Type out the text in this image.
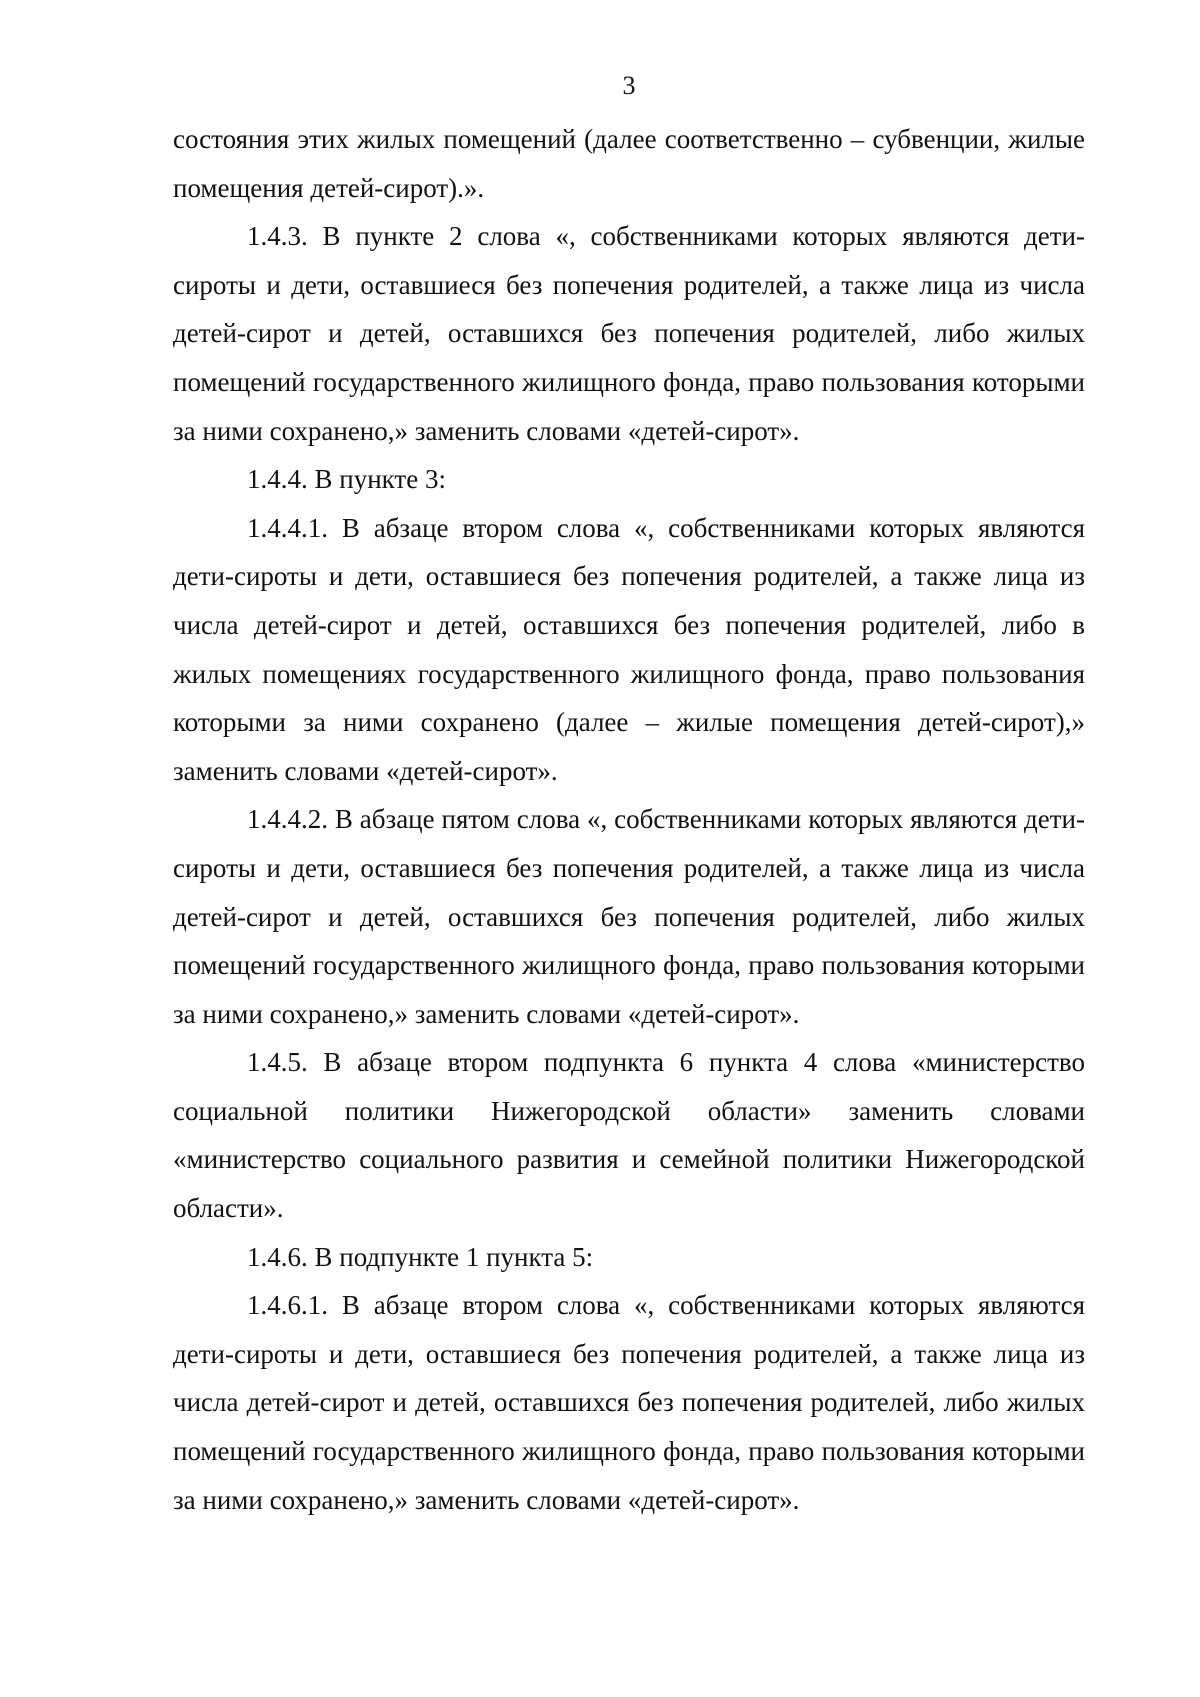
3

состояния этих жилых помещений (далее соответственно – субвенции, жилые помещения детей-сирот).».

1.4.3. В пункте 2 слова «, собственниками которых являются дети-сироты и дети, оставшиеся без попечения родителей, а также лица из числа детей-сирот и детей, оставшихся без попечения родителей, либо жилых помещений государственного жилищного фонда, право пользования которыми за ними сохранено,» заменить словами «детей-сирот».

1.4.4. В пункте 3:

1.4.4.1. В абзаце втором слова «, собственниками которых являются дети-сироты и дети, оставшиеся без попечения родителей, а также лица из числа детей-сирот и детей, оставшихся без попечения родителей, либо в жилых помещениях государственного жилищного фонда, право пользования которыми за ними сохранено (далее – жилые помещения детей-сирот),» заменить словами «детей-сирот».

1.4.4.2. В абзаце пятом слова «, собственниками которых являются дети-сироты и дети, оставшиеся без попечения родителей, а также лица из числа детей-сирот и детей, оставшихся без попечения родителей, либо жилых помещений государственного жилищного фонда, право пользования которыми за ними сохранено,» заменить словами «детей-сирот».

1.4.5. В абзаце втором подпункта 6 пункта 4 слова «министерство социальной политики Нижегородской области» заменить словами «министерство социального развития и семейной политики Нижегородской области».

1.4.6. В подпункте 1 пункта 5:

1.4.6.1. В абзаце втором слова «, собственниками которых являются дети-сироты и дети, оставшиеся без попечения родителей, а также лица из числа детей-сирот и детей, оставшихся без попечения родителей, либо жилых помещений государственного жилищного фонда, право пользования которыми за ними сохранено,» заменить словами «детей-сирот».
